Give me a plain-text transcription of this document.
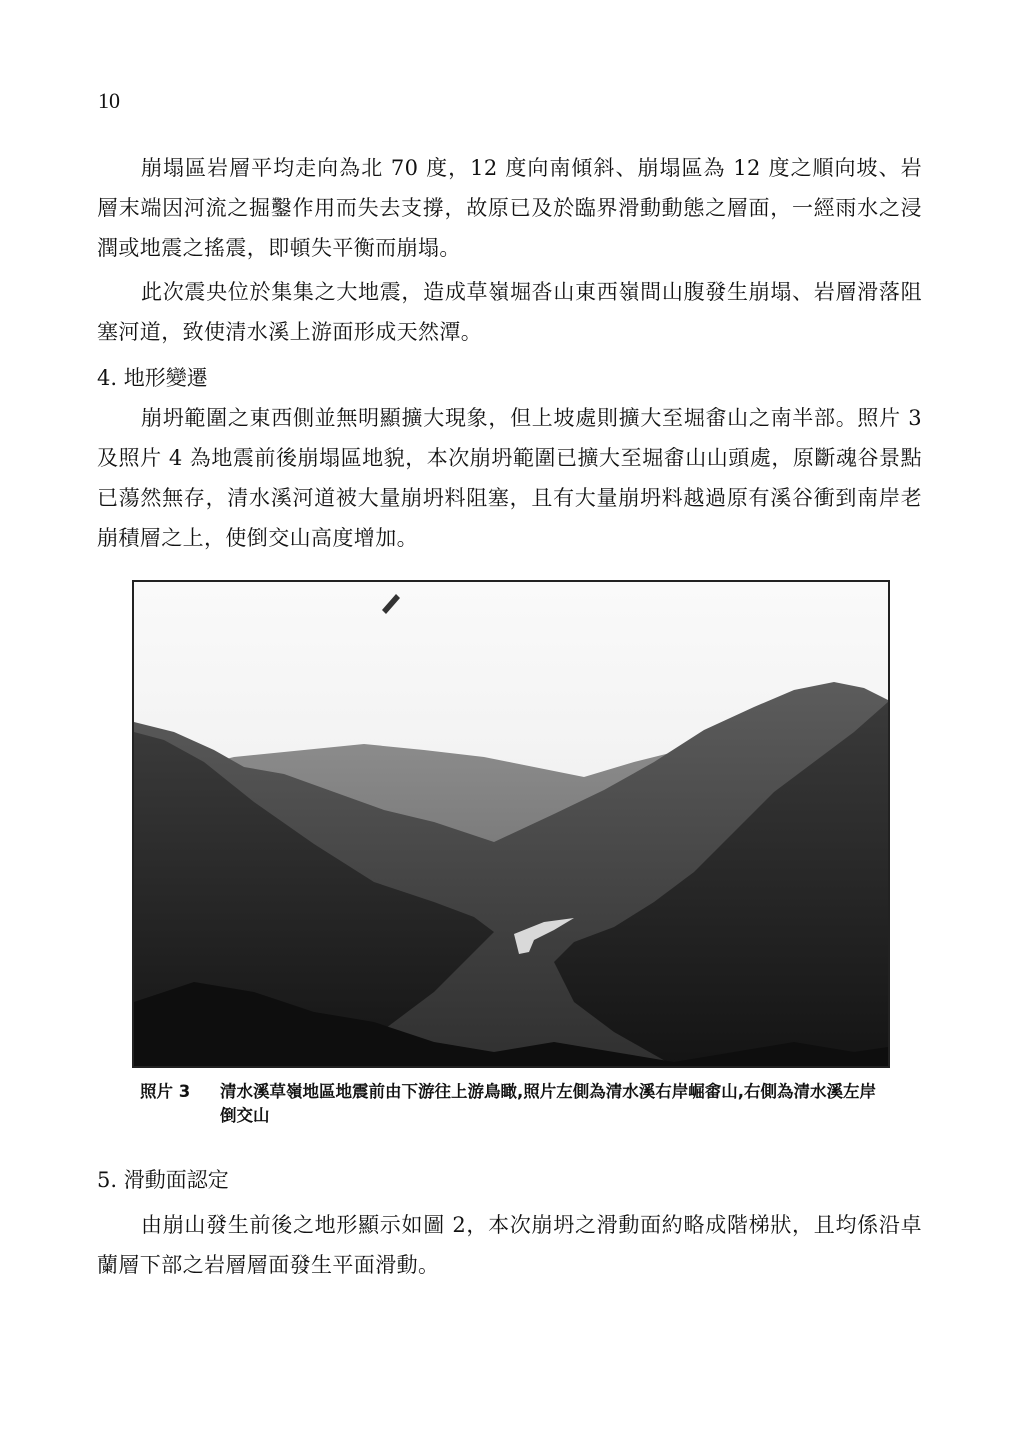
10

崩塌區岩層平均走向為北 70 度，12 度向南傾斜、崩塌區為 12 度之順向坡、岩層末端因河流之掘鑿作用而失去支撐，故原已及於臨界滑動動態之層面，一經雨水之浸潤或地震之搖震，即頓失平衡而崩塌。

此次震央位於集集之大地震，造成草嶺堀沓山東西嶺間山腹發生崩塌、岩層滑落阻塞河道，致使清水溪上游面形成天然潭。

4. 地形變遷

崩坍範圍之東西側並無明顯擴大現象，但上坡處則擴大至堀畬山之南半部。照片 3 及照片 4 為地震前後崩塌區地貌，本次崩坍範圍已擴大至堀畬山山頭處，原斷魂谷景點已蕩然無存，清水溪河道被大量崩坍料阻塞，且有大量崩坍料越過原有溪谷衝到南岸老崩積層之上，使倒交山高度增加。

照片 3	清水溪草嶺地區地震前由下游往上游鳥瞰,照片左側為清水溪右岸崛畬山,右側為清水溪左岸倒交山
5. 滑動面認定

由崩山發生前後之地形顯示如圖 2，本次崩坍之滑動面約略成階梯狀，且均係沿卓蘭層下部之岩層層面發生平面滑動。
